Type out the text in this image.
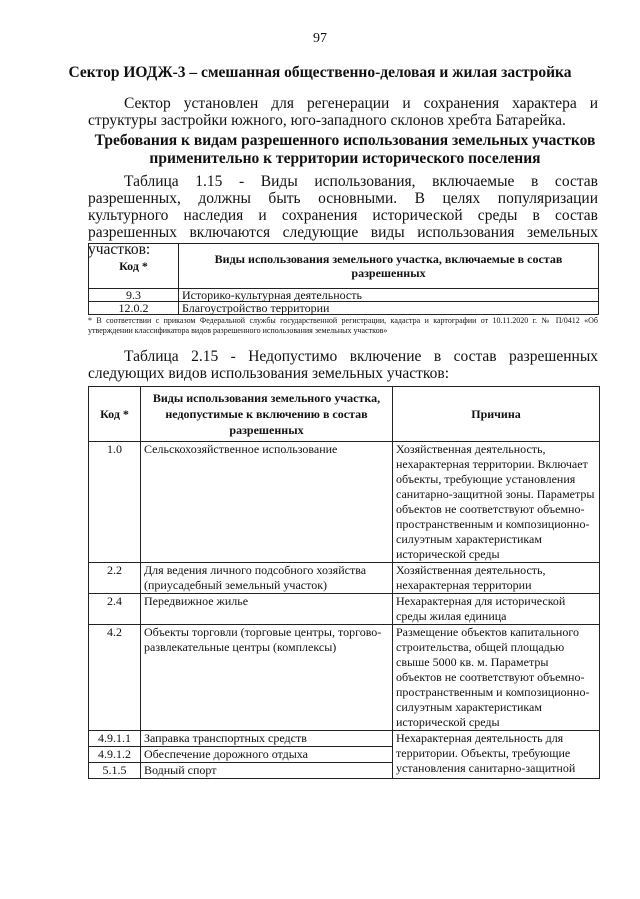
97
Сектор ИОДЖ-3 – смешанная общественно-деловая и жилая застройка
Сектор установлен для регенерации и сохранения характера и структуры застройки южного, юго-западного склонов хребта Батарейка.
Требования к видам разрешенного использования земельных участков применительно к территории исторического поселения
Таблица 1.15 - Виды использования, включаемые в состав разрешенных, должны быть основными. В целях популяризации культурного наследия и сохранения исторической среды в состав разрешенных включаются следующие виды использования земельных участков:
Код *	Виды использования земельного участка, включаемые в состав разрешенных
9.3	Историко-культурная деятельность
12.0.2	Благоустройство территории
* В соответствии с приказом Федеральной службы государственной регистрации, кадастра и картографии от 10.11.2020 г. № П/0412 «Об утверждении классификатора видов разрешенного использования земельных участков»
Таблица 2.15 - Недопустимо включение в состав разрешенных следующих видов использования земельных участков:
Код *	Виды использования земельного участка, недопустимые к включению в состав разрешенных	Причина
1.0	Сельскохозяйственное использование	Хозяйственная деятельность, нехарактерная территории. Включает объекты, требующие установления санитарно-защитной зоны. Параметры объектов не соответствуют объемно-пространственным и композиционно-силуэтным характеристикам исторической среды
2.2	Для ведения личного подсобного хозяйства (приусадебный земельный участок)	Хозяйственная деятельность, нехарактерная территории
2.4	Передвижное жилье	Нехарактерная для исторической среды жилая единица
4.2	Объекты торговли (торговые центры, торгово-развлекательные центры (комплексы)	Размещение объектов капитального строительства, общей площадью свыше 5000 кв. м. Параметры объектов не соответствуют объемно-пространственным и композиционно-силуэтным характеристикам исторической среды
4.9.1.1	Заправка транспортных средств	Нехарактерная деятельность для территории. Объекты, требующие установления санитарно-защитной
4.9.1.2	Обеспечение дорожного отдыха	
5.1.5	Водный спорт	
